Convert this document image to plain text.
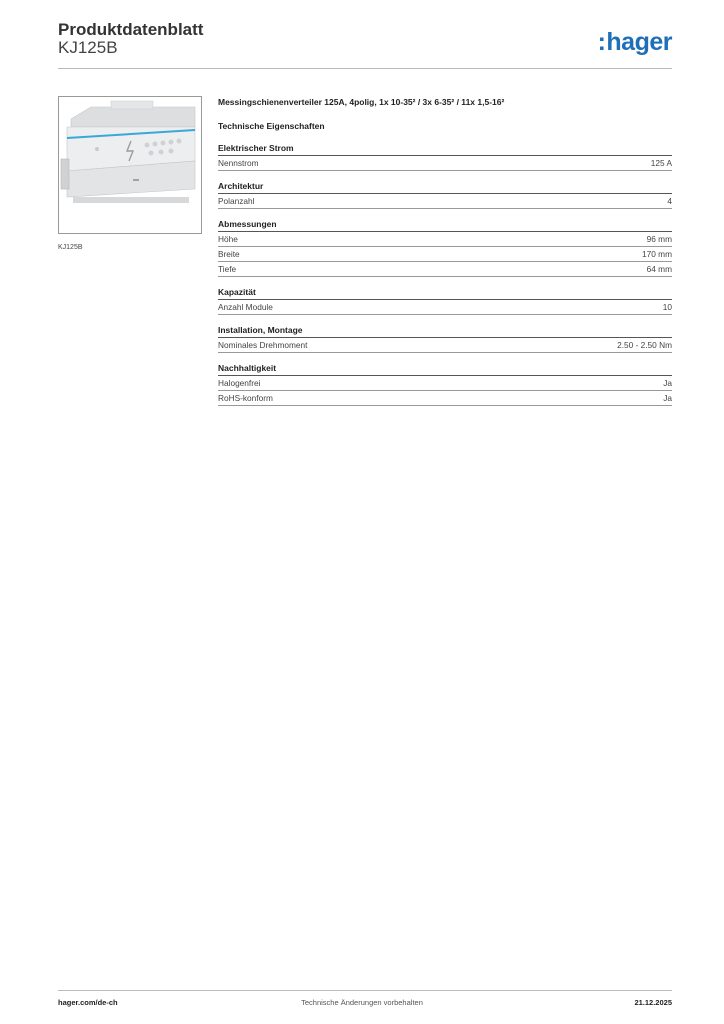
Produktdatenblatt
KJ125B	:hager
KJ125B
Messingschienenverteiler 125A, 4polig, 1x 10-35² / 3x 6-35² / 11x 1,5-16²
Technische Eigenschaften
Elektrischer Strom
Nennstrom	125 A
Architektur
Polanzahl	4
Abmessungen
Höhe	96 mm
Breite	170 mm
Tiefe	64 mm
Kapazität
Anzahl Module	10
Installation, Montage
Nominales Drehmoment	2.50 - 2.50 Nm
Nachhaltigkeit
Halogenfrei	Ja
RoHS-konform	Ja
hager.com/de-ch	Technische Änderungen vorbehalten	21.12.2025
